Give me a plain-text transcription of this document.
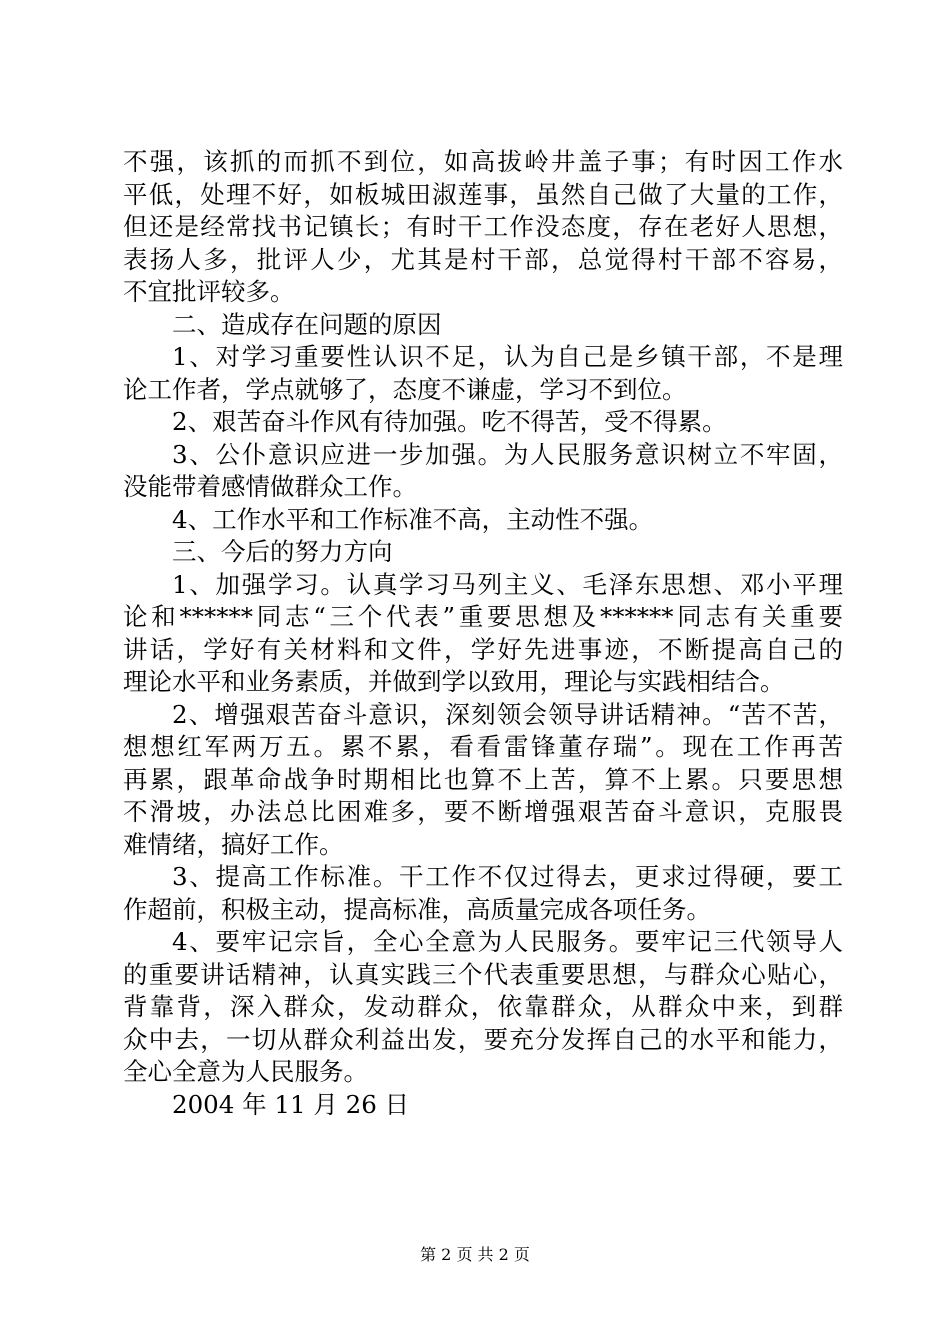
不强，该抓的而抓不到位，如高拔岭井盖子事；有时因工作水
平低，处理不好，如板城田淑莲事，虽然自己做了大量的工作，
但还是经常找书记镇长；有时干工作没态度，存在老好人思想，
表扬人多，批评人少，尤其是村干部，总觉得村干部不容易，
不宜批评较多。
二、造成存在问题的原因
1、对学习重要性认识不足，认为自己是乡镇干部，不是理
论工作者，学点就够了，态度不谦虚，学习不到位。
2、艰苦奋斗作风有待加强。吃不得苦，受不得累。
3、公仆意识应进一步加强。为人民服务意识树立不牢固，
没能带着感情做群众工作。
4、工作水平和工作标准不高，主动性不强。
三、今后的努力方向
1、加强学习。认真学习马列主义、毛泽东思想、邓小平理
论和******同志“三个代表”重要思想及******同志有关重要
讲话，学好有关材料和文件，学好先进事迹，不断提高自己的
理论水平和业务素质，并做到学以致用，理论与实践相结合。
2、增强艰苦奋斗意识，深刻领会领导讲话精神。“苦不苦，
想想红军两万五。累不累，看看雷锋董存瑞”。现在工作再苦
再累，跟革命战争时期相比也算不上苦，算不上累。只要思想
不滑坡，办法总比困难多，要不断增强艰苦奋斗意识，克服畏
难情绪，搞好工作。
3、提高工作标准。干工作不仅过得去，更求过得硬，要工
作超前，积极主动，提高标准，高质量完成各项任务。
4、要牢记宗旨，全心全意为人民服务。要牢记三代领导人
的重要讲话精神，认真实践三个代表重要思想，与群众心贴心，
背靠背，深入群众，发动群众，依靠群众，从群众中来，到群
众中去，一切从群众利益出发，要充分发挥自己的水平和能力，
全心全意为人民服务。
2004 年 11 月 26 日
第 2 页 共 2 页
